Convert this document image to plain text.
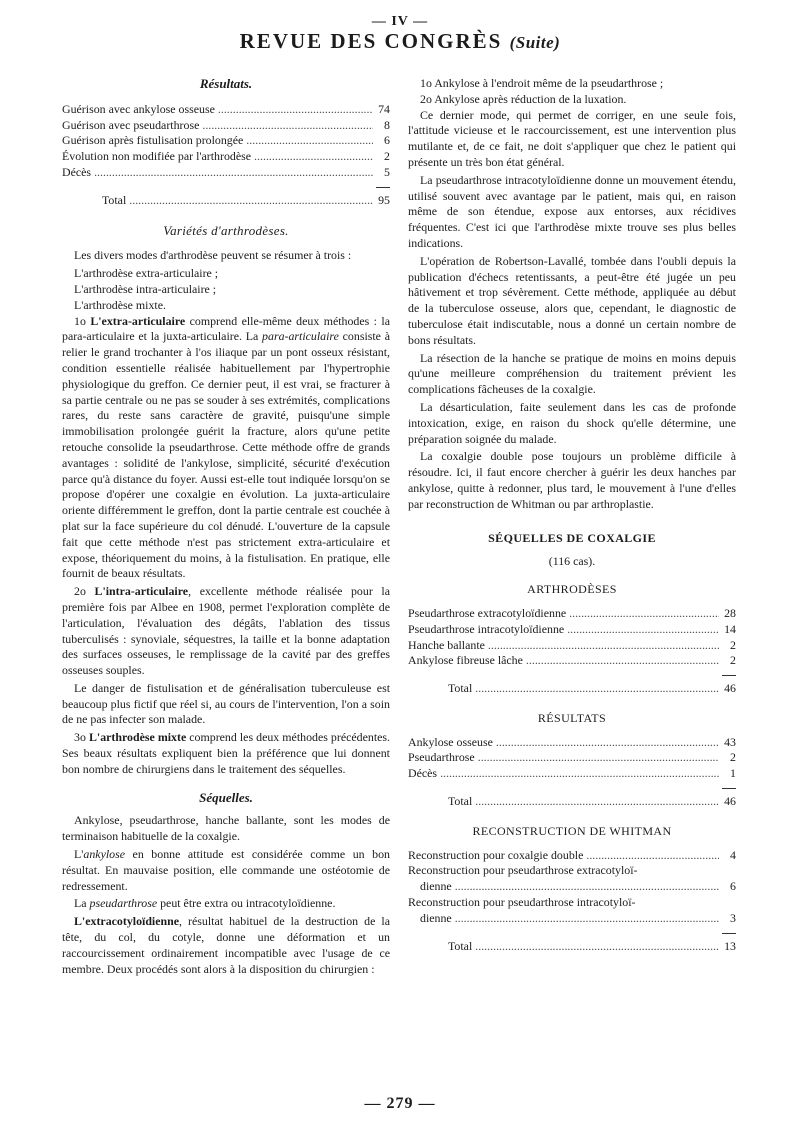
— IV —
REVUE DES CONGRÈS (Suite)
Résultats.
Guérison avec ankylose osseuse .....	74
Guérison avec pseudarthrose .....	8
Guérison après fistulisation prolongée .....	6
Évolution non modifiée par l'arthrodèse .....	2
Décès .....	5
Total .....	95
Variétés d'arthrodèses.

Les divers modes d'arthrodèse peuvent se résumer à trois :

L'arthrodèse extra-articulaire ;
L'arthrodèse intra-articulaire ;
L'arthrodèse mixte.

1o L'extra-articulaire comprend elle-même deux méthodes : la para-articulaire et la juxta-articulaire. La para-articulaire consiste à relier le grand trochanter à l'os iliaque par un pont osseux résistant, condition essentielle réalisée habituellement par l'hypertrophie physiologique du greffon. Ce dernier peut, il est vrai, se fracturer à sa partie centrale ou ne pas se souder à ses extrémités, complications rares, du reste sans caractère de gravité, puisqu'une simple immobilisation prolongée guérit la fracture, alors qu'une petite retouche consolide la pseudarthrose. Cette méthode offre de grands avantages : solidité de l'ankylose, simplicité, sécurité d'exécution parce qu'à distance du foyer. Aussi est-elle tout indiquée lorsqu'on se propose d'opérer une coxalgie en évolution. La juxta-articulaire oriente différemment le greffon, dont la partie centrale est couchée à plat sur la face supérieure du col dénudé. L'ouverture de la capsule fait que cette méthode n'est pas strictement extra-articulaire et expose, théoriquement du moins, à la fistulisation. En pratique, elle fournit de beaux résultats.

2o L'intra-articulaire, excellente méthode réalisée pour la première fois par Albee en 1908, permet l'exploration complète de l'articulation, l'évaluation des dégâts, l'ablation des tissus tuberculisés : synoviale, séquestres, la taille et la bonne adaptation des surfaces osseuses, le remplissage de la cavité par des greffes osseuses souples.

Le danger de fistulisation et de généralisation tuberculeuse est beaucoup plus fictif que réel si, au cours de l'intervention, l'on a soin de ne pas infecter son malade.

3o L'arthrodèse mixte comprend les deux méthodes précédentes. Ses beaux résultats expliquent bien la préférence que lui donnent bon nombre de chirurgiens dans le traitement des séquelles.

Séquelles.

Ankylose, pseudarthrose, hanche ballante, sont les modes de terminaison habituelle de la coxalgie.

L'ankylose en bonne attitude est considérée comme un bon résultat. En mauvaise position, elle commande une ostéotomie de redressement.

La pseudarthrose peut être extra ou intracotyloïdienne.

L'extracotyloïdienne, résultat habituel de la destruction de la tête, du col, du cotyle, donne une déformation et un raccourcissement ordinairement incompatible avec l'usage de ce membre. Deux procédés sont alors à la disposition du chirurgien :

1o Ankylose à l'endroit même de la pseudarthrose ;
2o Ankylose après réduction de la luxation.

Ce dernier mode, qui permet de corriger, en une seule fois, l'attitude vicieuse et le raccourcissement, est une intervention plus mutilante et, de ce fait, ne doit s'appliquer que chez le patient qui présente un très bon état général.

La pseudarthrose intracotyloïdienne donne un mouvement étendu, utilisé souvent avec avantage par le patient, mais qui, en raison même de son étendue, expose aux entorses, aux récidives fréquentes. C'est ici que l'arthrodèse mixte trouve ses plus belles indications.

L'opération de Robertson-Lavallé, tombée dans l'oubli depuis la publication d'échecs retentissants, a peut-être été jugée un peu hâtivement et trop sévèrement. Cette méthode, appliquée au début de la tuberculose osseuse, alors que, cependant, le diagnostic de tuberculose était indiscutable, nous a donné un certain nombre de bons résultats.

La résection de la hanche se pratique de moins en moins depuis qu'une meilleure compréhension du traitement prévient les complications fâcheuses de la coxalgie.

La désarticulation, faite seulement dans les cas de profonde intoxication, exige, en raison du shock qu'elle détermine, une préparation soignée du malade.

La coxalgie double pose toujours un problème difficile à résoudre. Ici, il faut encore chercher à guérir les deux hanches par ankylose, quitte à redonner, plus tard, le mouvement à l'une d'elles par reconstruction de Whitman ou par arthroplastie.

SÉQUELLES DE COXALGIE
(116 cas).
ARTHRODÈSES
Pseudarthrose extracotyloïdienne .....	28
Pseudarthrose intracotyloïdienne .....	14
Hanche ballante .....	2
Ankylose fibreuse lâche .....	2
Total .....	46
RÉSULTATS
Ankylose osseuse .....	43
Pseudarthrose .....	2
Décès .....	1
Total .....	46
RECONSTRUCTION DE WHITMAN
Reconstruction pour coxalgie double .....	4
Reconstruction pour pseudarthrose extracotyloï-
dienne .....	6
Reconstruction pour pseudarthrose intracotyloï-
dienne .....	3
Total .....	13
— 279 —
